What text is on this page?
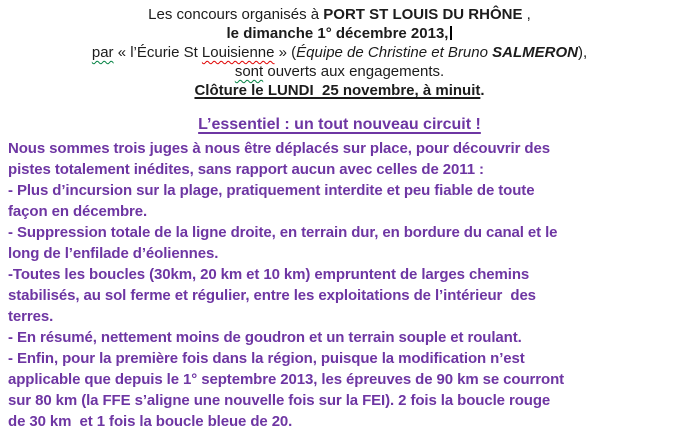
Les concours organisés à PORT ST LOUIS DU RHÔNE ,
le dimanche 1° décembre 2013,
par « l’Écurie St Louisienne » (Équipe de Christine et Bruno SALMERON),
sont ouverts aux engagements.
Clôture le LUNDI  25 novembre, à minuit.
L’essentiel : un tout nouveau circuit !
Nous sommes trois juges à nous être déplacés sur place, pour découvrir des
pistes totalement inédites, sans rapport aucun avec celles de 2011 :
- Plus d’incursion sur la plage, pratiquement interdite et peu fiable de toute
façon en décembre.
- Suppression totale de la ligne droite, en terrain dur, en bordure du canal et le
long de l’enfilade d’éoliennes.
-Toutes les boucles (30km, 20 km et 10 km) empruntent de larges chemins
stabilisés, au sol ferme et régulier, entre les exploitations de l’intérieur  des
terres.
- En résumé, nettement moins de goudron et un terrain souple et roulant.
- Enfin, pour la première fois dans la région, puisque la modification n’est
applicable que depuis le 1° septembre 2013, les épreuves de 90 km se courront
sur 80 km (la FFE s’aligne une nouvelle fois sur la FEI). 2 fois la boucle rouge
de 30 km  et 1 fois la boucle bleue de 20.
